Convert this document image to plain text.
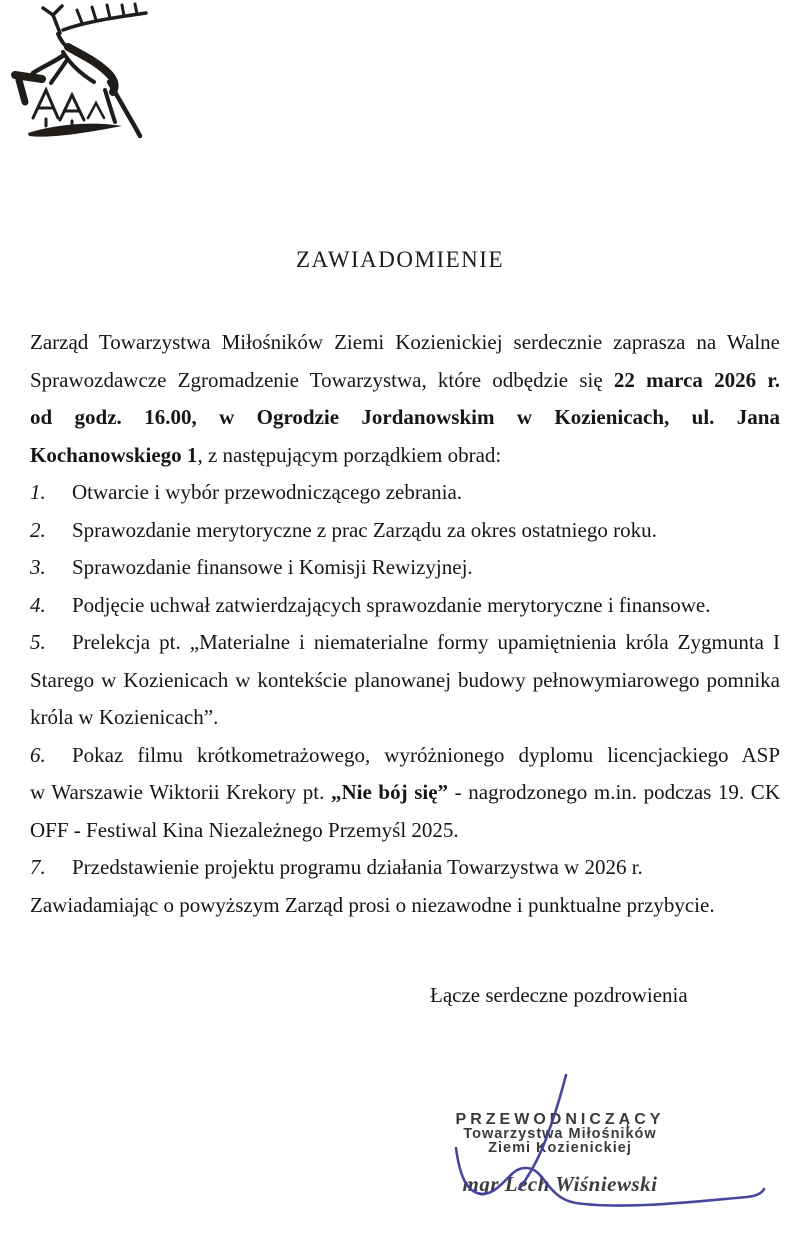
ZAWIADOMIENIE
Zarząd Towarzystwa Miłośników Ziemi Kozienickiej serdecznie zaprasza na Walne
Sprawozdawcze Zgromadzenie Towarzystwa, które odbędzie się 22 marca 2026 r.
od godz. 16.00, w Ogrodzie Jordanowskim w Kozienicach, ul. Jana
Kochanowskiego 1, z następującym porządkiem obrad:
1. Otwarcie i wybór przewodniczącego zebrania.
2. Sprawozdanie merytoryczne z prac Zarządu za okres ostatniego roku.
3. Sprawozdanie finansowe i Komisji Rewizyjnej.
4. Podjęcie uchwał zatwierdzających sprawozdanie merytoryczne i finansowe.
5. Prelekcja pt. „Materialne i niematerialne formy upamiętnienia króla Zygmunta I
Starego w Kozienicach w kontekście planowanej budowy pełnowymiarowego pomnika
króla w Kozienicach”.
6. Pokaz filmu krótkometrażowego, wyróżnionego dyplomu licencjackiego ASP
w Warszawie Wiktorii Krekory pt. „Nie bój się” - nagrodzonego m.in. podczas 19. CK
OFF - Festiwal Kina Niezależnego Przemyśl 2025.
7. Przedstawienie projektu programu działania Towarzystwa w 2026 r.
Zawiadamiając o powyższym Zarząd prosi o niezawodne i punktualne przybycie.
Łącze serdeczne pozdrowienia
PRZEWODNICZĄCY
Towarzystwa Miłośników
Ziemi Kozienickiej
mgr Lech Wiśniewski
